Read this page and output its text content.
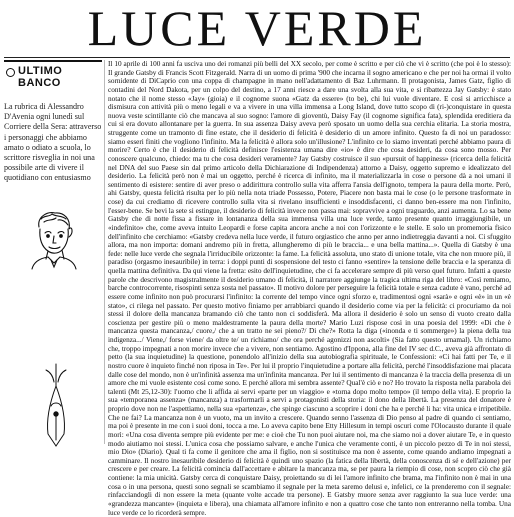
LUCE VERDE
ULTIMO
BANCO
La rubrica di Alessandro D'Avenia ogni lunedì sul Corriere della Sera: attraverso i personaggi che abbiamo amato o odiato a scuola, lo scrittore risveglia in noi una possibile arte di vivere il quotidiano con entusiasmo

Il 10 aprile di 100 anni fa usciva uno dei romanzi più belli del XX secolo, per come è scritto e per ciò che vi è scritto (che poi è lo stesso): Il grande Gatsby di Francis Scott Fitzgerald. Narra di un uomo di prima '900 che incarna il sogno americano e che per noi ha ormai il volto sornidente di DiCaprio con una coppa di champagne in mano nell'adattamento di Baz Luhrmann. Il protagonista, James Gatz, figlio di contadini del Nord Dakota, per un colpo del destino, a 17 anni riesce a dare una svolta alla sua vita, e si ribattezza Jay Gatsby: è stato notato che il nome stesso «Jay» (gioia) e il cognome suona «Gatz da essere» (to be), chi lui vuole diventare. E così si arricchisce a dismisura con attività più o meno legali e va a vivere in una villa immensa a Long Island, dove tutto scopo di (ri-)conquistare in questa nuova veste scintillante ciò che mancava al suo sogno: l'amore di gioventù, Daisy Fay (il cognome significa fata), splendida ereditiera da cui si era dovuto allontanare per la guerra. In sua assenza Daisy aveva però sposato un uomo della sua cerchia elitaria. La storia mostra, struggente come un tramonto di fine estate, che il desiderio di felicità è desiderio di un amore infinito. Questo fa di noi un paradosso: siamo esseri finiti che vogliono l'infinito. Ma la felicità è allora solo un'illusione? L'infinito ce lo siamo inventati perché abbiamo paura di morire? Certo è che il desiderio di felicità definisce l'esistenza umana dire «io» è dire che cosa desideri, da cosa sono mosso. Per conoscere qualcuno, chiedo: ma tu che cosa desideri veramente? Jay Gatsby costruisce il suo «pursuit of happiness» (ricerca della felicità nel DNA del suo Paese sin dal primo articolo della Dichiarazione di Indipendenza) attorno a Daisy, oggetto supremo e idealizzato del desiderio. La felicità però non è mai un oggetto, perché è ricerca di infinito, ma il materializzarla in cose o persone dà a noi umani il sentimento di esistere: sentire di aver preso o addirittura controllo sulla vita afferra l'ansia dell'ignoto, tempera la paura della morte. Però, ahi Gatsby, questa felicità risulta per lo più nella nota triade Possesso, Potere, Piacere non basta mai le cose (o le persone trasformate in cose) da cui crediamo di ricevere controllo sulla vita si rivelano insufficienti e insoddisfacenti, ci danno ben-essere ma non l'infinito, l'esser-bene. Se bevi la sete si estingue, il desiderio di felicità invece non passa mai: sopravvive a ogni traguardo, anzi aumenta. Lo sa bene Gatsby che di notte fissa a fissare in lontananza della sua immensa villa una luce verde, tanto presente quanto irraggiungibile, un «indefinito» che, come aveva intuito Leopardi e forse capita ancora anche a noi con l'orizzonte e le stelle. E solo un promemoria fisico dell'infinito che cerchiamo: «Gatsby credeva nella luce verde, il futuro orgiastico che anno per anno indietreggia davanti a noi. Ci sfuggito allora, ma non importa: domani andremo più in fretta, allungheremo di più le braccia... e una bella mattina...». Quella di Gatsby è una fede: nelle luce verde che segnala l'irriducibile orizzonte: la fame. La felicità assoluta, uno stato di unione totale, vita che non muore più, il paradiso (orgasmo inesauribile) in terra: i doppi punti di sospensione del testo ci fanno «sentire» la tensione delle braccia e la speranza di quella mattina definitiva. Da qui viene la fretta: esito dell'inquietudine, che ci fa accelerare sempre di più verso quel futuro. Infatti a queste parole che descrivono magistralmente il desiderio umano di felicità, il narratore aggiunge la tragica ultima riga del libro: «Così remiamo, barche controcorrente, risospinti senza sosta nel passato». Il motivo dolore per perseguire la felicità totale e senza cadute è vano, perché ad essere come infinito non può procurarsi l'infinito: la corrente del tempo vince ogni sforzo e, tradimentosi ogni «sarà» e ogni «è» in un «è stato», ci rilega nel passato. Per questo motivo finiamo per arrabbiarci quando il desiderio come via per la felicità: ci procuriamo da noi stessi il dolore della mancanza bramando ciò che tanto non ci soddisferà. Ma allora il desiderio è solo un senso di vuoto creato dalla coscienza per gestire più o meno maldestramente la paura della morte? Mario Luzi rispose così in una poesia del 1999: «Di che è mancanza questa mancanza,/ cuore,/ che a un tratto ne sei pieno?/ Di che?» Rotta la diga («inonda e ti sommerge») la piena della tua indigenza.../ Viene,/ forse viene/ da oltre te/ un richiamo/ che ora perché agonizzi non ascolti» (Sia fatto questo urnamal). Un richiamo che, troppo impegnati a non morire invece che a vivere, non sentiamo. Agostino d'Ippona, alla fine del IV sec d.C., aveva già affrontato di petto (la sua inquietudine) la questione, ponendolo all'inizio della sua autobiografia spirituale, le Confessioni: «Ci hai fatti per Te, e il nostro cuore è inquieto finché non riposa in Te». Per lui il proprio l'inquietudine a portare alla felicità, perché l'insoddisfazione mai placata dalle cose del mondo, non è un'infinità assenza ma un'infinita mancanza. Per lui il sentimento di mancanza è la traccia della presenza di un amore che mi vuole esistente così come sono. E perché allora mi sembra assente? Qual'è ciò e no? Ho trovato la risposta nella parabola dei talenti (Mt 25,12-30): l'uomo che li affida ai servi «parte per un viaggio» e «torna dopo molto tempo» (il tempo della vita). E proprio la sua «temporanea assenza» (mancanza) a trasformarli a servi a protagonisti della storia: il dono della libertà. La presenza del donatore è proprio dove non ne l'aspettiamo, nella sua «partenza», che spinge ciascuno a scoprire i doni che ha e perché li ha: vita unica e irripetibile. Che ne fai? La mancanza non è un vuoto, ma un invito a crescere. Quando senno l'assenza di Dio penso al padre di quando ci sentiamo, ma poi è presente in me con i suoi doni, tocca a me. Lo aveva capito bene Etty Hillesum in tempi oscuri come l'Olocausto durante il quale morì: «Una cosa diventa sempre più evidente per me: e cioè che Tu non puoi aiutare noi, ma che siamo noi a dover aiutare Te, e in questo modo aiutiamo noi stessi. L'unica cosa che possiamo salvare, e anche l'unica che veramente conti, è un piccolo pezzo di Te in noi stessi, mio Dio» (Diario). Qual ti fa come il genitore che ama il figlio, non si sostituisce ma non è assente, come quando andiamo impegnati a camminare. Il nostro inesauribile desiderio di felicità è quindi uno spazio (la fatica della libertà, della conoscenza di sé e dell'azione) per crescere e per creare. La felicità comincia dall'accettare e abitare la mancanza ma, se per paura la riempio di cose, non scopro ciò che già contiene: la mia unicità. Gatsby cerca di conquistare Daisy, proiettando su di lei l'amore infinito che brama, ma l'infinito non è mai in una cosa o in una persona, questi sono segnali se scambiamo il segnale per la meta saremo delusi e, infelici, ce la prenderemo con il segnale: rinfacciandogli di non essere la meta (quante volte accade tra persone). E Gatsby muore senza aver raggiunto la sua luce verde: una «grandezza mancante» (inquieta e libera), una chiamata all'amore infinito e non a quattro cose che tanto non entreranno nella tomba. Una luce verde ce lo ricorderà sempre.
